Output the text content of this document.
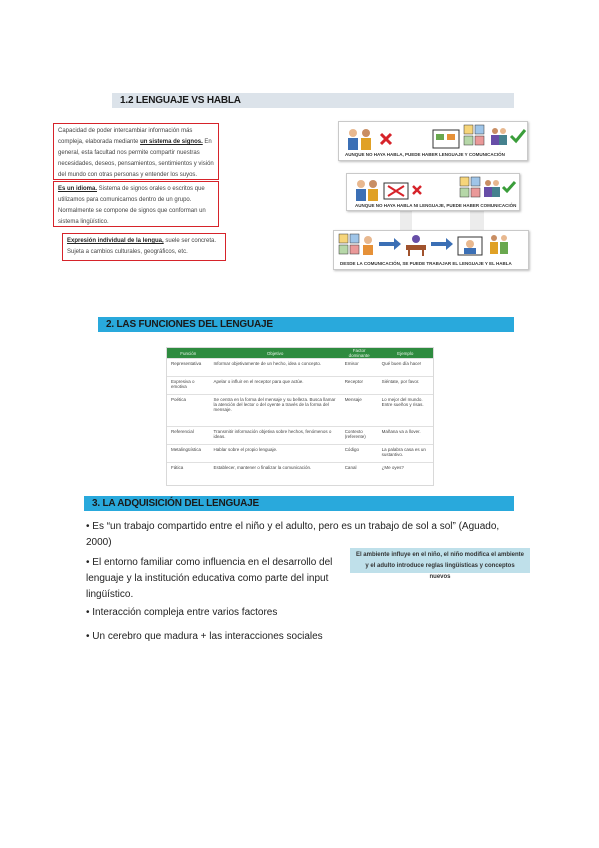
1.2 LENGUAJE VS HABLA
Capacidad de poder intercambiar información más compleja, elaborada mediante un sistema de signos. En general, esta facultad nos permite compartir nuestras necesidades, deseos, pensamientos, sentimientos y visión del mundo con otras personas y entender los suyos.
Es un idioma. Sistema de signos orales o escritos que utilizamos para comunicarnos dentro de un grupo. Normalmente se compone de signos que conforman un sistema lingüístico.
Expresión individual de la lengua, suele ser concreta. Sujeta a cambios culturales, geográficos, etc.
AUNQUE NO HAYA HABLA, PUEDE HABER LENGUAJE Y COMUNICACIÓN
AUNQUE NO HAYA HABLA NI LENGUAJE, PUEDE HABER COMUNICACIÓN
DESDE LA COMUNICACIÓN, SE PUEDE TRABAJAR EL LENGUAJE Y EL HABLA
2. LAS FUNCIONES DEL LENGUAJE
Función	Objetivo	Factor dominante	Ejemplo
Representativa	Informar objetivamente de un hecho, idea o concepto.	Emisor	Qué buen día hace!
Expresiva o emotiva	Apelar o influir en el receptor para que actúe.	Receptor	Siéntate, por favor.
Poética	Se centra en la forma del mensaje y su belleza. Busca llamar la atención del lector o del oyente a través de la forma del mensaje.	Mensaje	Lo mejor del mundo. Entre sueños y risas.
Referencial	Transmitir información objetiva sobre hechos, fenómenos o ideas.	Contexto (referente)	Mañana va a llover.
Metalingüística	Hablar sobre el propio lenguaje.	Código	La palabra casa es un sustantivo.
Fática	Establecer, mantener o finalizar la comunicación.	Canal	¿Me oyes?
3. LA ADQUISICIÓN DEL LENGUAJE
• Es “un trabajo compartido entre el niño y el adulto, pero es un trabajo de sol a sol” (Aguado, 2000)
• El entorno familiar como influencia en el desarrollo del lenguaje y la institución educativa como parte del input lingüístico.
• Interacción compleja entre varios factores
• Un cerebro que madura + las interacciones sociales
El ambiente influye en el niño, el niño modifica el ambiente y el adulto introduce reglas lingüísticas y conceptos nuevos
